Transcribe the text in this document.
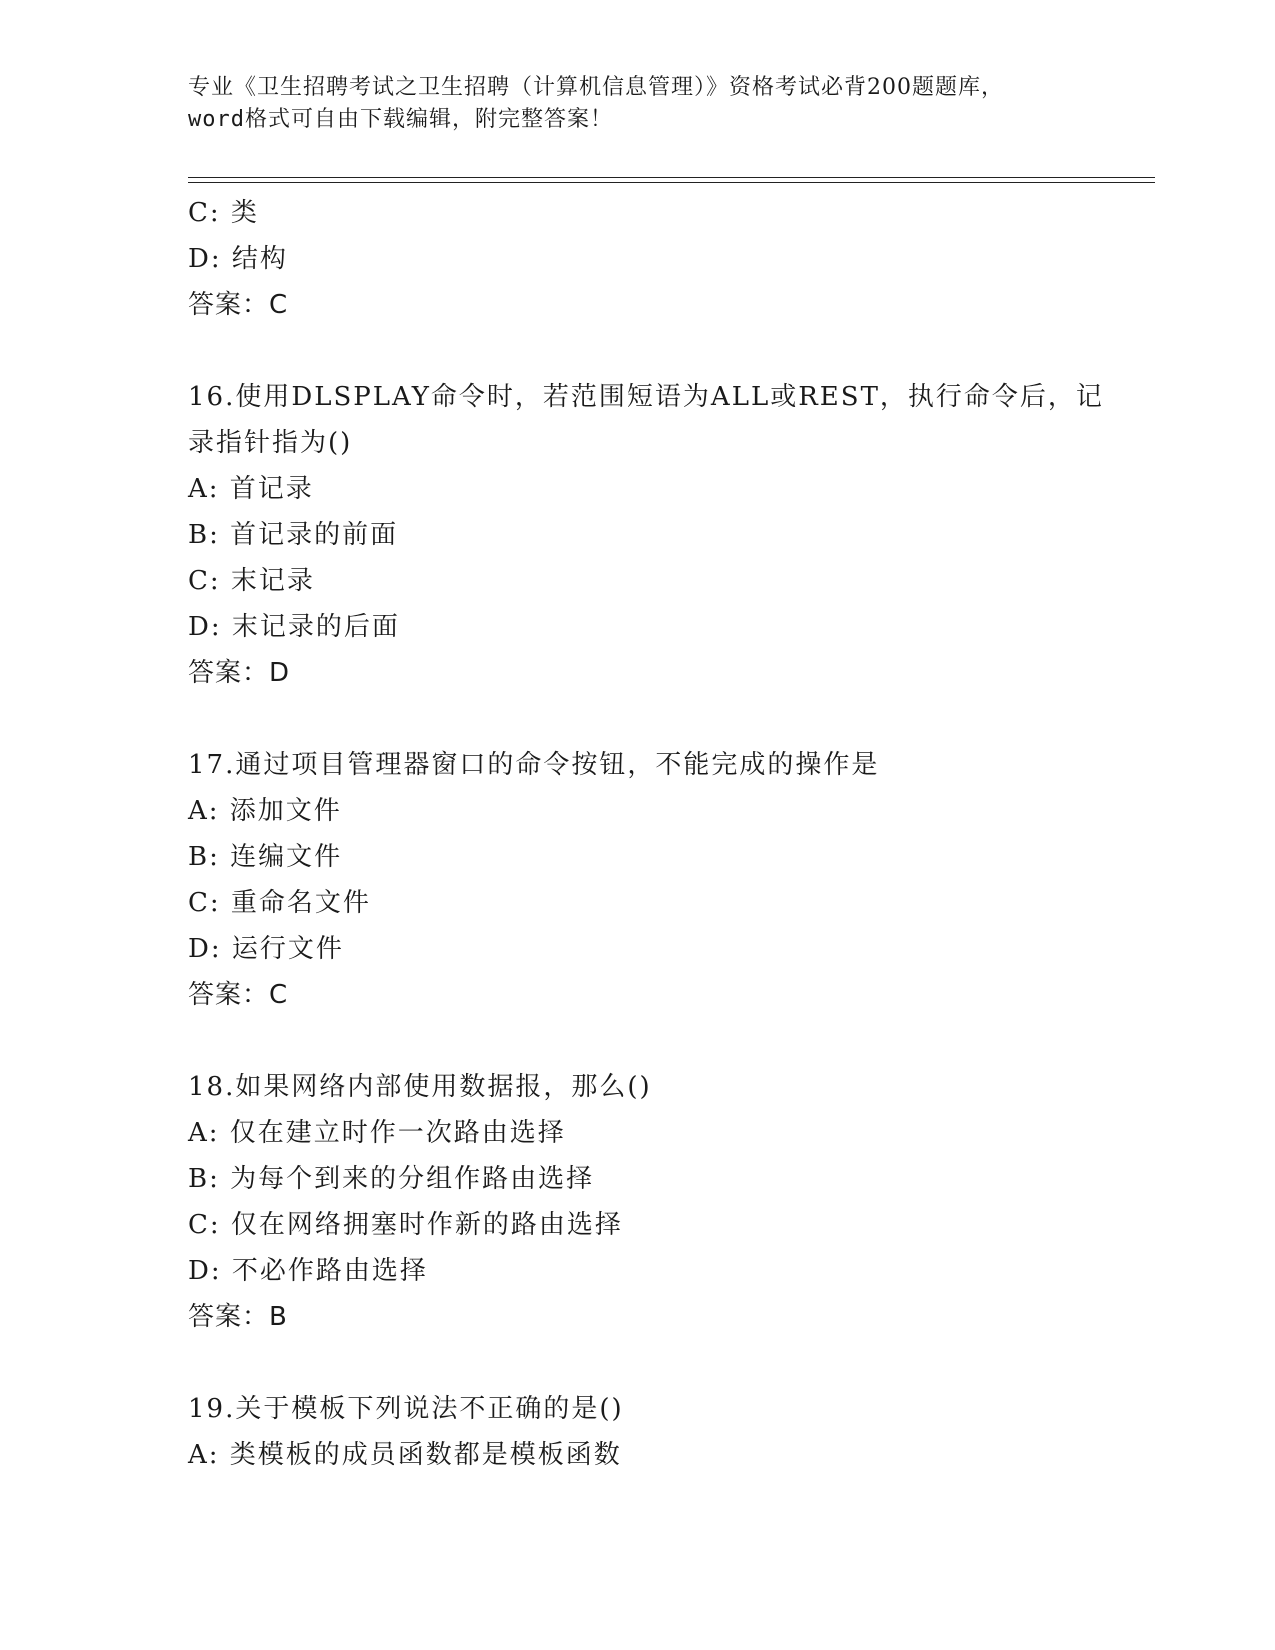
专业《卫生招聘考试之卫生招聘（计算机信息管理）》资格考试必背200题题库，
word格式可自由下载编辑，附完整答案！
C: 类
D: 结构
答案：C
16.使用DLSPLAY命令时，若范围短语为ALL或REST，执行命令后，记
录指针指为()
A: 首记录
B: 首记录的前面
C: 末记录
D: 末记录的后面
答案：D
17.通过项目管理器窗口的命令按钮，不能完成的操作是
A: 添加文件
B: 连编文件
C: 重命名文件
D: 运行文件
答案：C
18.如果网络内部使用数据报，那么()
A: 仅在建立时作一次路由选择
B: 为每个到来的分组作路由选择
C: 仅在网络拥塞时作新的路由选择
D: 不必作路由选择
答案：B
19.关于模板下列说法不正确的是()
A: 类模板的成员函数都是模板函数
